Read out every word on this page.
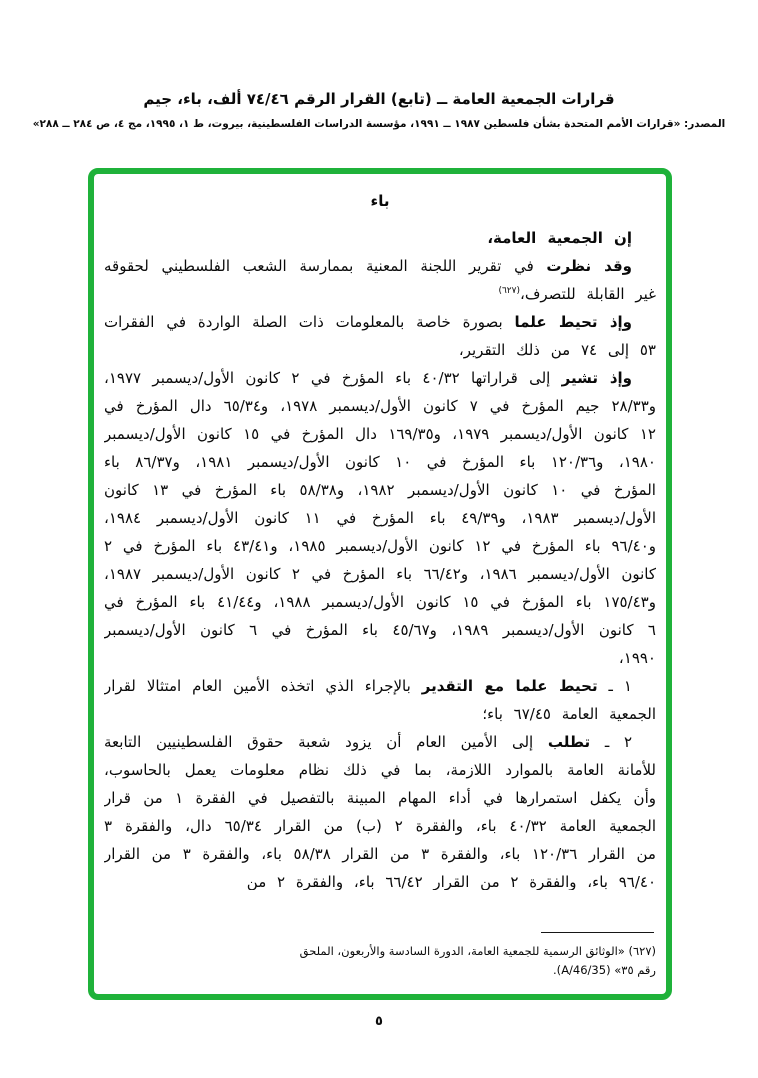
قرارات الجمعية العامة ــ (تابع) القرار الرقم ٧٤/٤٦ ألف، باء، جيم
المصدر: «قرارات الأمم المتحدة بشأن فلسطين ١٩٨٧ ــ ١٩٩١، مؤسسة الدراسات الفلسطينية، بيروت، ط ١، ١٩٩٥، مج ٤، ص ٢٨٤ ــ ٢٨٨»
باء

إن الجمعية العامة،

وقد نظرت في تقرير اللجنة المعنية بممارسة الشعب الفلسطيني لحقوقه غير القابلة للتصرف،$^{(٦٢٧)}$

وإذ تحيط علما بصورة خاصة بالمعلومات ذات الصلة الواردة في الفقرات ٥٣ إلى ٧٤ من ذلك التقرير،

وإذ تشير إلى قراراتها ٤٠/٣٢ باء المؤرخ في ٢ كانون الأول/ديسمبر ١٩٧٧، و٢٨/٣٣ جيم المؤرخ في ٧ كانون الأول/ديسمبر ١٩٧٨، و٦٥/٣٤ دال المؤرخ في ١٢ كانون الأول/ديسمبر ١٩٧٩، و١٦٩/٣٥ دال المؤرخ في ١٥ كانون الأول/ديسمبر ١٩٨٠، و١٢٠/٣٦ باء المؤرخ في ١٠ كانون الأول/ديسمبر ١٩٨١، و٨٦/٣٧ باء المؤرخ في ١٠ كانون الأول/ديسمبر ١٩٨٢، و٥٨/٣٨ باء المؤرخ في ١٣ كانون الأول/ديسمبر ١٩٨٣، و٤٩/٣٩ باء المؤرخ في ١١ كانون الأول/ديسمبر ١٩٨٤، و٩٦/٤٠ باء المؤرخ في ١٢ كانون الأول/ديسمبر ١٩٨٥، و٤٣/٤١ باء المؤرخ في ٢ كانون الأول/ديسمبر ١٩٨٦، و٦٦/٤٢ باء المؤرخ في ٢ كانون الأول/ديسمبر ١٩٨٧، و١٧٥/٤٣ باء المؤرخ في ١٥ كانون الأول/ديسمبر ١٩٨٨، و٤١/٤٤ باء المؤرخ في ٦ كانون الأول/ديسمبر ١٩٨٩، و٤٥/٦٧ باء المؤرخ في ٦ كانون الأول/ديسمبر ١٩٩٠،

١ ـ تحيط علما مع التقدير بالإجراء الذي اتخذه الأمين العام امتثالا لقرار الجمعية العامة ٦٧/٤٥ باء؛

٢ ـ تطلب إلى الأمين العام أن يزود شعبة حقوق الفلسطينيين التابعة للأمانة العامة بالموارد اللازمة، بما في ذلك نظام معلومات يعمل بالحاسوب، وأن يكفل استمرارها في أداء المهام المبينة بالتفصيل في الفقرة ١ من قرار الجمعية العامة ٤٠/٣٢ باء، والفقرة ٢ (ب) من القرار ٦٥/٣٤ دال، والفقرة ٣ من القرار ١٢٠/٣٦ باء، والفقرة ٣ من القرار ٥٨/٣٨ باء، والفقرة ٣ من القرار ٩٦/٤٠ باء، والفقرة ٢ من القرار ٦٦/٤٢ باء، والفقرة ٢ من

(٦٢٧) «الوثائق الرسمية للجمعية العامة، الدورة السادسة والأربعون، الملحق

رقم ٣٥» (A/46/35).

٥
